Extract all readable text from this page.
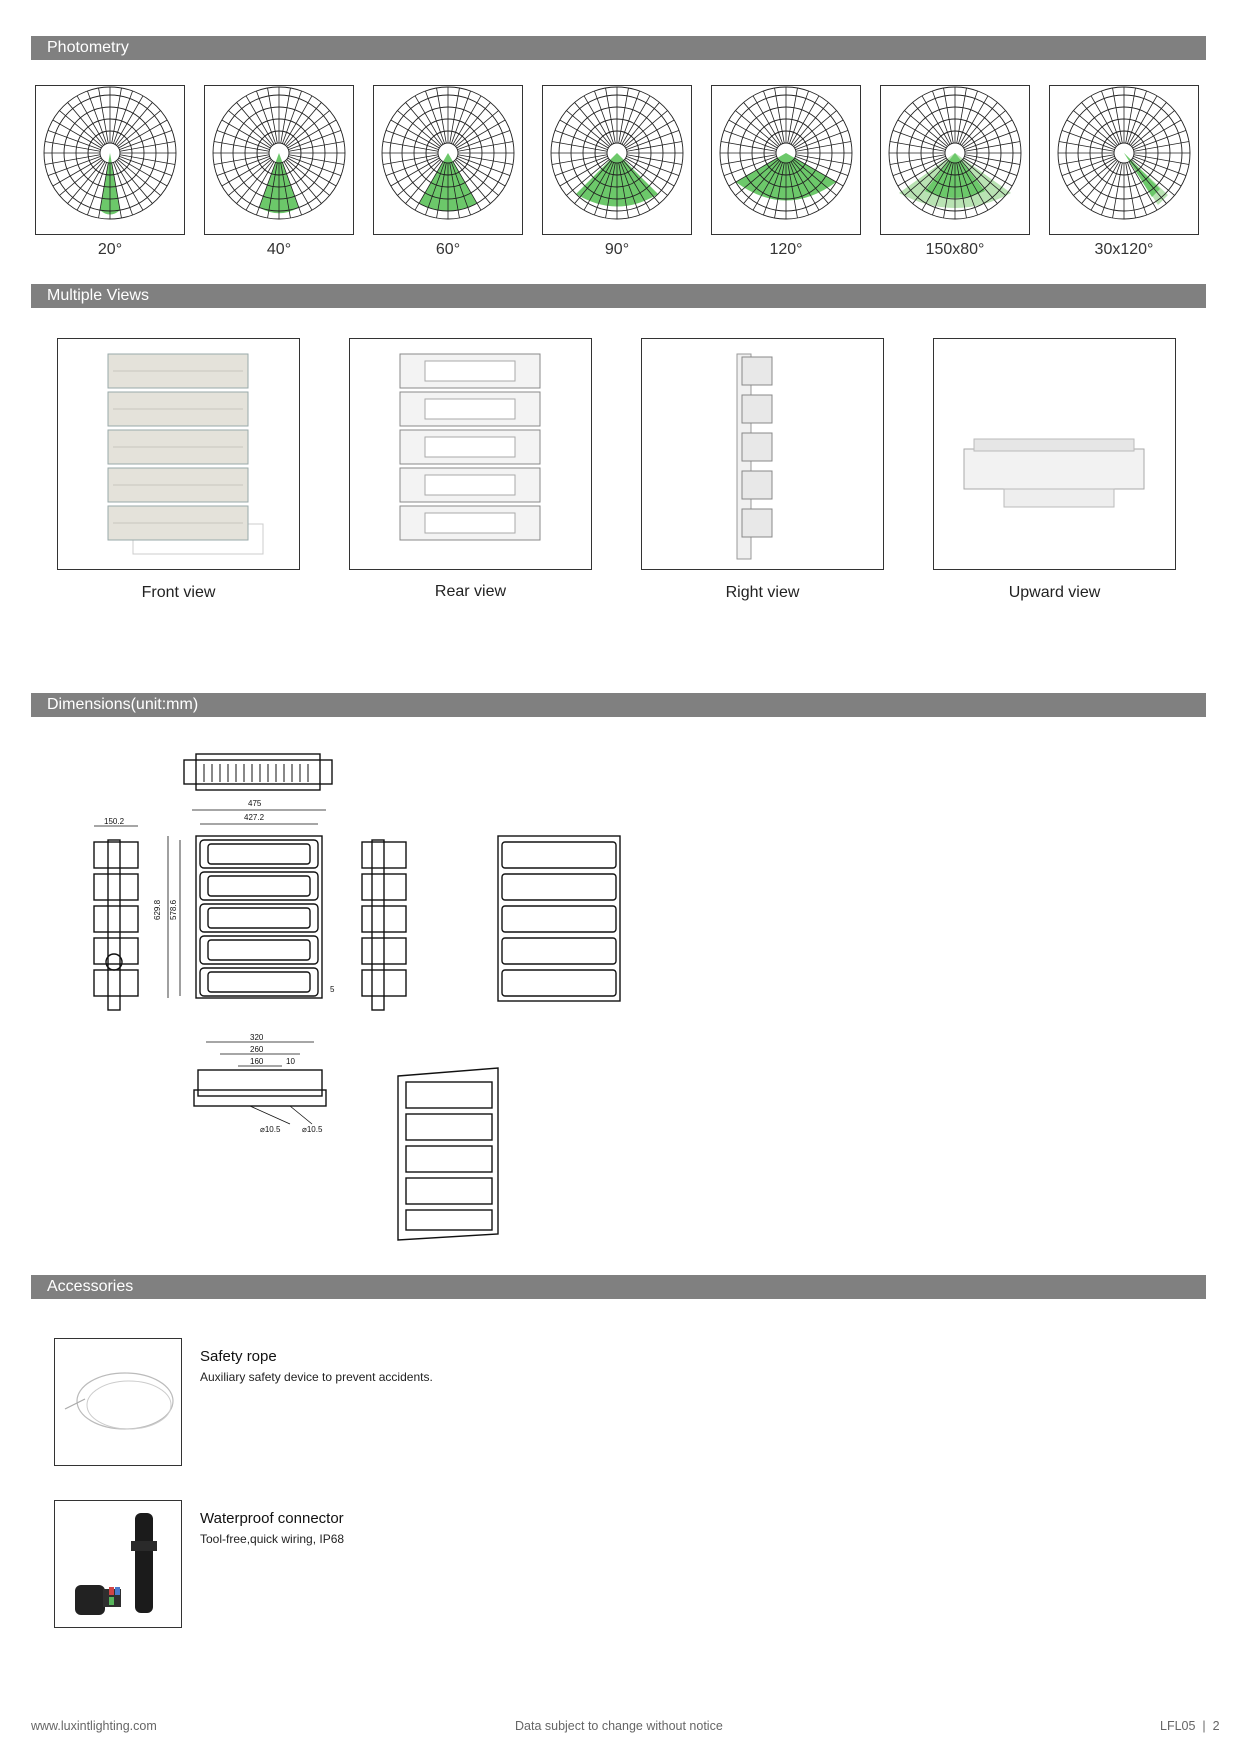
Photometry
Multiple Views
Dimensions(unit:mm)
Accessories
20°	40°	60°	90°	120°	150x80°	30x120°
Front view	Rear view	Right view	Upward view
475
427.2
629.8 578.6
150.2
5
320
260
160	10
⌀10.5	⌀10.5
Safety rope
Auxiliary safety device to prevent accidents.
Waterproof connector
Tool-free,quick wiring, IP68
www.luxintlighting.com	Data subject to change without notice	LFL05  |  2
